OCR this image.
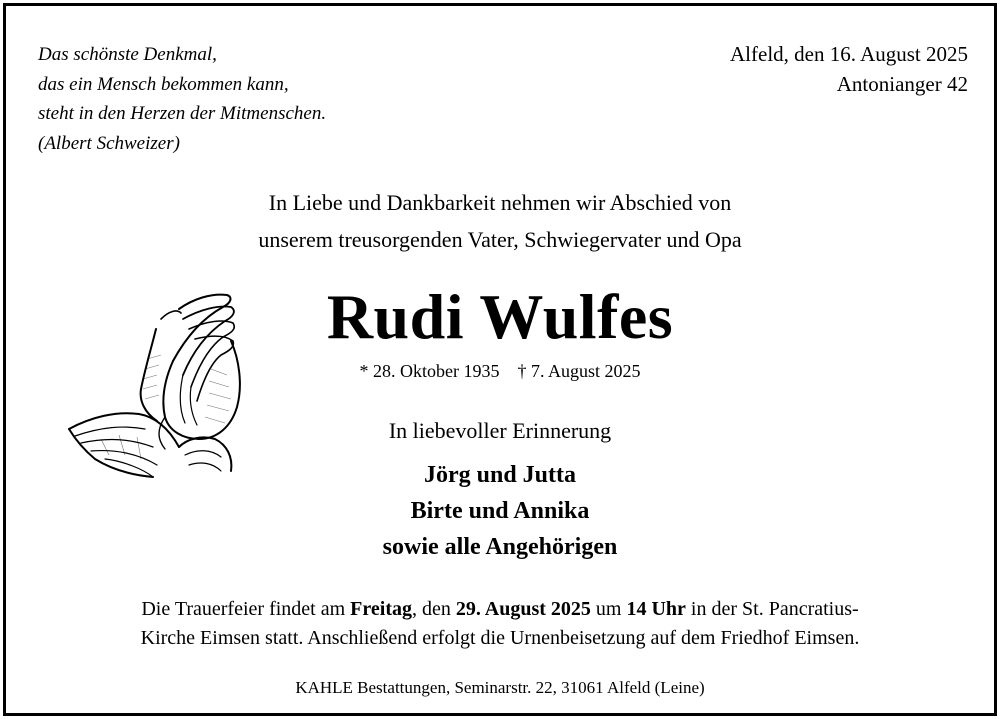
Das schönste Denkmal,
das ein Mensch bekommen kann,
steht in den Herzen der Mitmenschen.
(Albert Schweizer)
Alfeld, den 16. August 2025
Antonianger 42
In Liebe und Dankbarkeit nehmen wir Abschied von
unserem treusorgenden Vater, Schwiegervater und Opa
Rudi Wulfes
* 28. Oktober 1935 † 7. August 2025
In liebevoller Erinnerung
Jörg und Jutta
Birte und Annika
sowie alle Angehörigen
Die Trauerfeier findet am Freitag, den 29. August 2025 um 14 Uhr in der St. Pancratius-
Kirche Eimsen statt. Anschließend erfolgt die Urnenbeisetzung auf dem Friedhof Eimsen.
KAHLE Bestattungen, Seminarstr. 22, 31061 Alfeld (Leine)
